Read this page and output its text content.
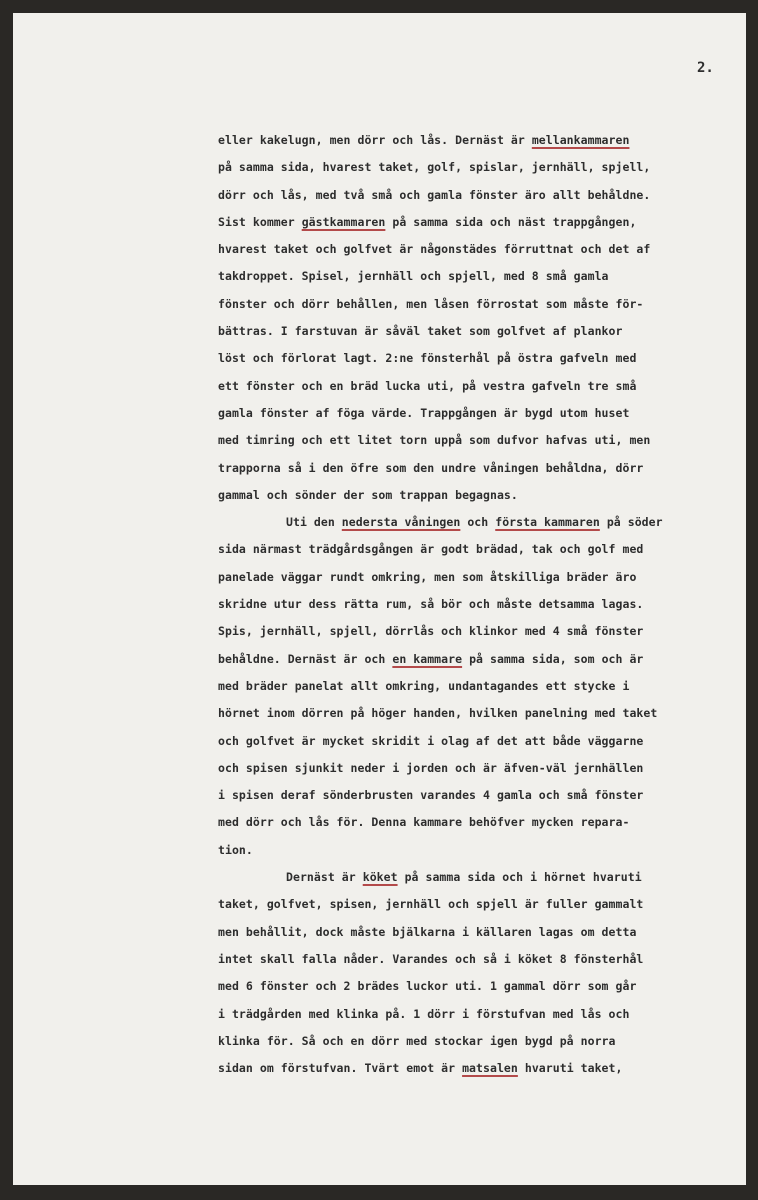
2.
eller kakelugn, men dörr och lås. Dernäst är mellankammaren
på samma sida, hvarest taket, golf, spislar, jernhäll, spjell,
dörr och lås, med två små och gamla fönster äro allt behåldne.
Sist kommer gästkammaren på samma sida och näst trappgången,
hvarest taket och golfvet är någonstädes förruttnat och det af
takdroppet. Spisel, jernhäll och spjell, med 8 små gamla
fönster och dörr behållen, men låsen förrostat som måste för-
bättras. I farstuvan är såväl taket som golfvet af plankor
löst och förlorat lagt. 2:ne fönsterhål på östra gafveln med
ett fönster och en bräd lucka uti, på vestra gafveln tre små
gamla fönster af föga värde. Trappgången är bygd utom huset
med timring och ett litet torn uppå som dufvor hafvas uti, men
trapporna så i den öfre som den undre våningen behåldna, dörr
gammal och sönder der som trappan begagnas.
Uti den nedersta våningen och första kammaren på söder
sida närmast trädgårdsgången är godt brädad, tak och golf med
panelade väggar rundt omkring, men som åtskilliga bräder äro
skridne utur dess rätta rum, så bör och måste detsamma lagas.
Spis, jernhäll, spjell, dörrlås och klinkor med 4 små fönster
behåldne. Dernäst är och en kammare på samma sida, som och är
med bräder panelat allt omkring, undantagandes ett stycke i
hörnet inom dörren på höger handen, hvilken panelning med taket
och golfvet är mycket skridit i olag af det att både väggarne
och spisen sjunkit neder i jorden och är äfven-väl jernhällen
i spisen deraf sönderbrusten varandes 4 gamla och små fönster
med dörr och lås för. Denna kammare behöfver mycken repara-
tion.
Dernäst är köket på samma sida och i hörnet hvaruti
taket, golfvet, spisen, jernhäll och spjell är fuller gammalt
men behållit, dock måste bjälkarna i källaren lagas om detta
intet skall falla nåder. Varandes och så i köket 8 fönsterhål
med 6 fönster och 2 brädes luckor uti. 1 gammal dörr som går
i trädgården med klinka på. 1 dörr i förstufvan med lås och
klinka för. Så och en dörr med stockar igen bygd på norra
sidan om förstufvan. Tvärt emot är matsalen hvaruti taket,
